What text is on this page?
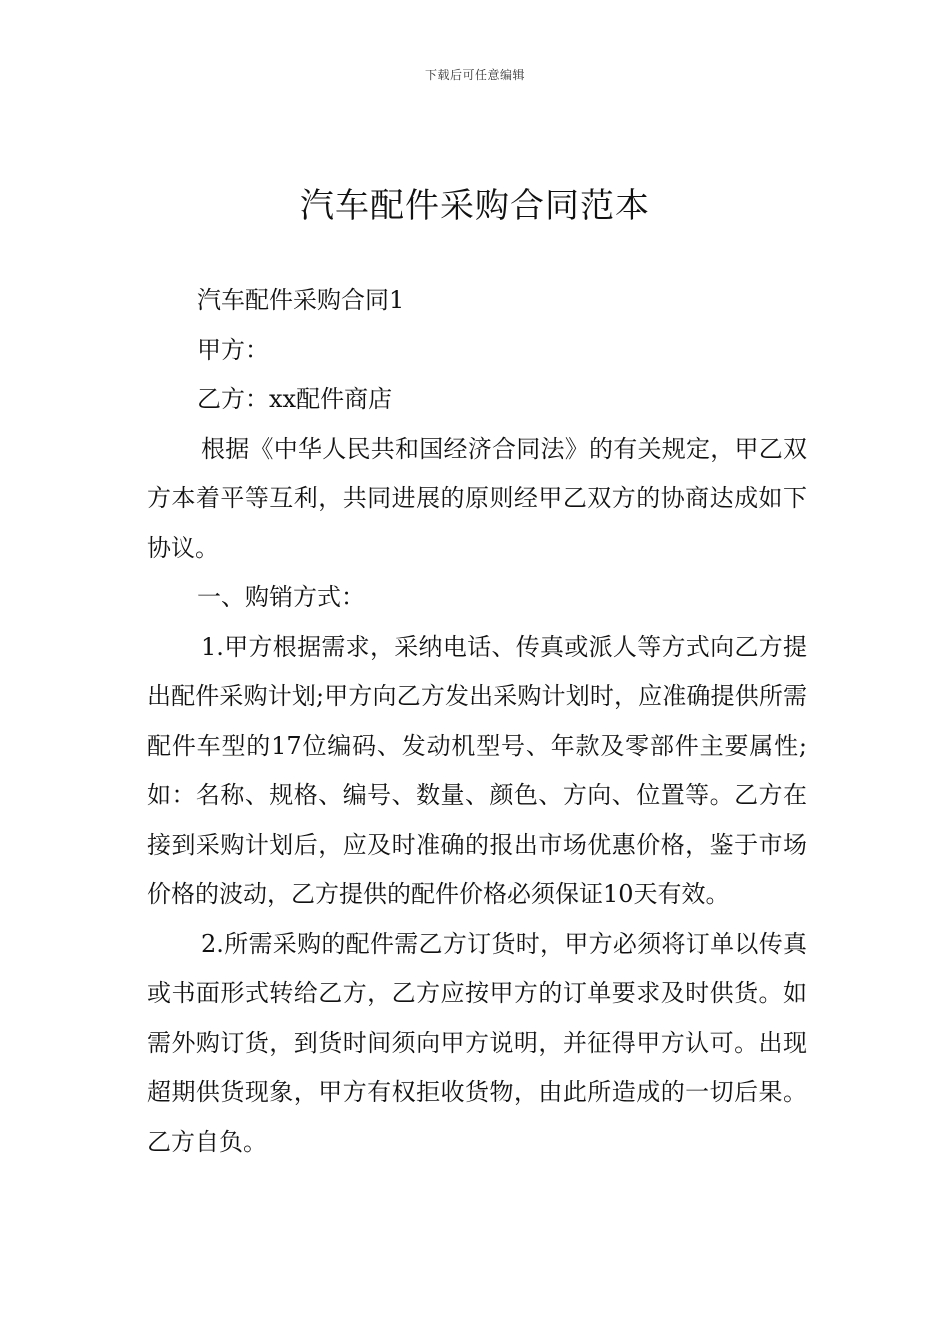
下载后可任意编辑
汽车配件采购合同范本

汽车配件采购合同1

甲方：

乙方：xx配件商店

根据《中华人民共和国经济合同法》的有关规定，甲乙双方本着平等互利，共同进展的原则经甲乙双方的协商达成如下协议。

一、购销方式：

1.甲方根据需求，采纳电话、传真或派人等方式向乙方提出配件采购计划;甲方向乙方发出采购计划时，应准确提供所需配件车型的17位编码、发动机型号、年款及零部件主要属性;如：名称、规格、编号、数量、颜色、方向、位置等。乙方在接到采购计划后，应及时准确的报出市场优惠价格，鉴于市场价格的波动，乙方提供的配件价格必须保证10天有效。

2.所需采购的配件需乙方订货时，甲方必须将订单以传真或书面形式转给乙方，乙方应按甲方的订单要求及时供货。如需外购订货，到货时间须向甲方说明，并征得甲方认可。出现超期供货现象，甲方有权拒收货物，由此所造成的一切后果。乙方自负。
